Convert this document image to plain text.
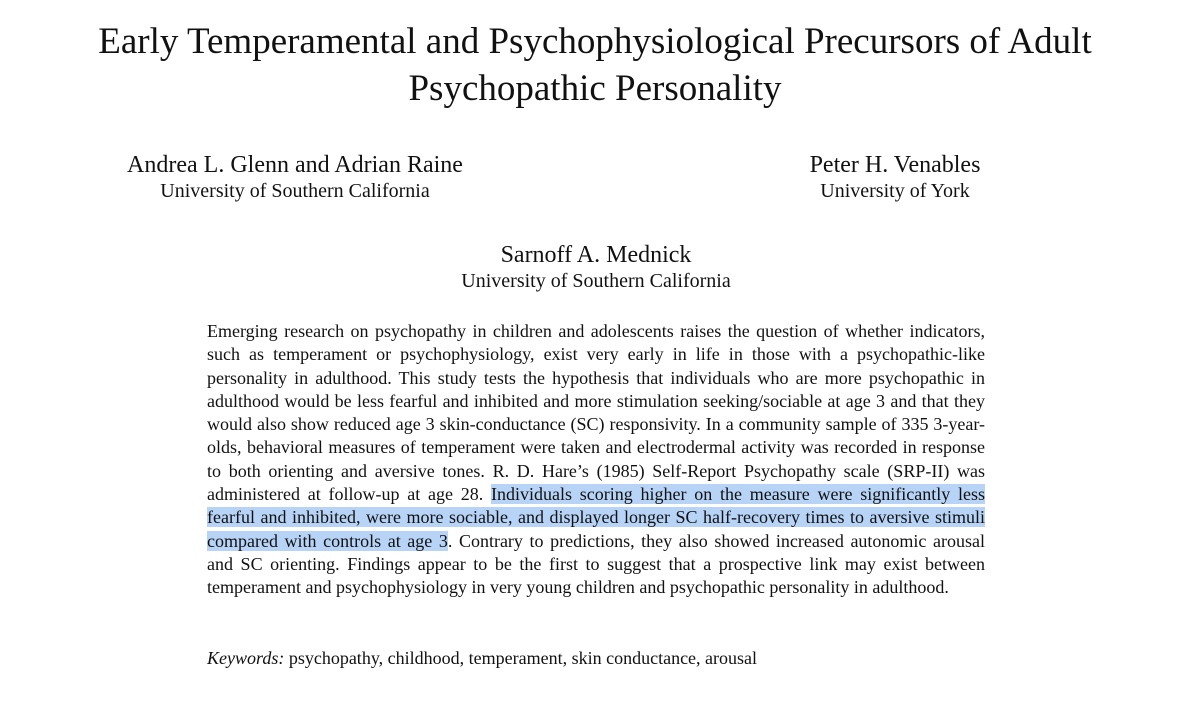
Early Temperamental and Psychophysiological Precursors of Adult Psychopathic Personality
Andrea L. Glenn and Adrian Raine
University of Southern California
Peter H. Venables
University of York
Sarnoff A. Mednick
University of Southern California

Emerging research on psychopathy in children and adolescents raises the question of whether indicators, such as temperament or psychophysiology, exist very early in life in those with a psychopathic-like personality in adulthood. This study tests the hypothesis that individuals who are more psychopathic in adulthood would be less fearful and inhibited and more stimulation seeking/sociable at age 3 and that they would also show reduced age 3 skin-conductance (SC) responsivity. In a community sample of 335 3-year-olds, behavioral measures of temperament were taken and electrodermal activity was recorded in response to both orienting and aversive tones. R. D. Hare’s (1985) Self-Report Psychopathy scale (SRP-II) was administered at follow-up at age 28. Individuals scoring higher on the measure were significantly less fearful and inhibited, were more sociable, and displayed longer SC half-recovery times to aversive stimuli compared with controls at age 3. Contrary to predictions, they also showed increased autonomic arousal and SC orienting. Findings appear to be the first to suggest that a prospective link may exist between temperament and psychophysiology in very young children and psychopathic personality in adulthood.

Keywords: psychopathy, childhood, temperament, skin conductance, arousal
